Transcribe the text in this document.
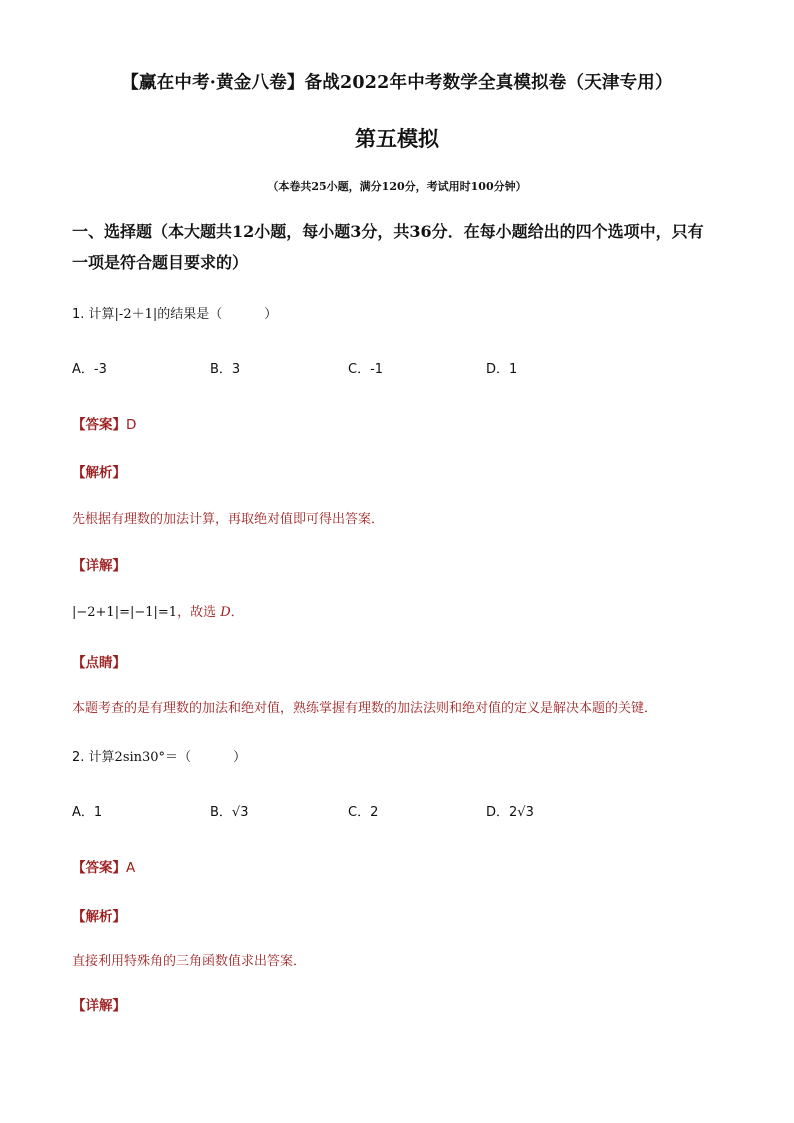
【赢在中考·黄金八卷】备战2022年中考数学全真模拟卷（天津专用）
第五模拟
（本卷共25小题，满分120分，考试用时100分钟）
一、选择题（本大题共12小题，每小题3分，共36分．在每小题给出的四个选项中，只有
一项是符合题目要求的）
1. 计算|-2＋1|的结果是（	）
A．-3	B．3	C．-1	D．1
【答案】D
【解析】
先根据有理数的加法计算，再取绝对值即可得出答案．
【详解】
|−2+1|=|−1|=1，故选 D．
【点睛】
本题考查的是有理数的加法和绝对值，熟练掌握有理数的加法法则和绝对值的定义是解决本题的关键．
2. 计算2sin30°＝（	）
A．1	B．√3	C．2	D．2√3
【答案】A
【解析】
直接利用特殊角的三角函数值求出答案．
【详解】
